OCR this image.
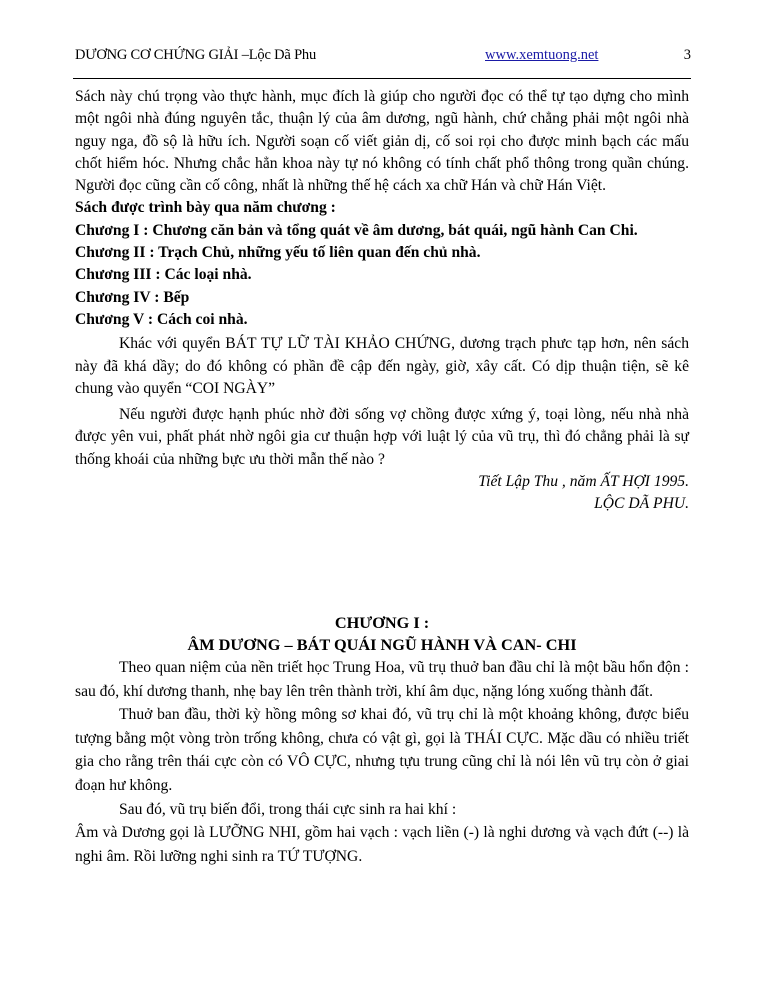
DƯƠNG CƠ CHỨNG GIẢI –Lộc Dã Phu	www.xemtuong.net	3

Sách này chú trọng vào thực hành, mục đích là giúp cho người đọc có thể tự tạo dựng cho mình một ngôi nhà đúng nguyên tắc, thuận lý của âm dương, ngũ hành, chứ chẳng phải một ngôi nhà nguy nga, đồ sộ là hữu ích. Người soạn cố viết giản dị, cố soi rọi cho được minh bạch các mấu chốt hiểm hóc. Nhưng chắc hẳn khoa này tự nó không có tính chất phổ thông trong quần chúng. Người đọc cũng cần cố công, nhất là những thế hệ cách xa chữ Hán và chữ Hán Việt.

Sách được trình bày qua năm chương :

Chương I : Chương căn bản và tổng quát về âm dương, bát quái, ngũ hành Can Chi.

Chương II : Trạch Chủ, những yếu tố liên quan đến chủ nhà.

Chương III : Các loại nhà.

Chương IV : Bếp

Chương V : Cách coi nhà.

Khác với quyển BÁT TỰ LỮ TÀI KHẢO CHỨNG, dương trạch phưc tạp hơn, nên sách này đã khá dầy; do đó không có phần đề cập đến ngày, giờ, xây cất. Có dịp thuận tiện, sẽ kê chung vào quyển “COI NGÀY”

Nếu người được hạnh phúc nhờ đời sống vợ chồng được xứng ý, toại lòng, nếu nhà nhà được yên vui, phất phát nhờ ngôi gia cư thuận hợp với luật lý của vũ trụ, thì đó chẳng phải là sự thống khoái của những bực ưu thời mẫn thế nào ?

Tiết Lập Thu , năm ẤT HỢI 1995.

LỘC DÃ PHU.

CHƯƠNG I :
ÂM DƯƠNG – BÁT QUÁI NGŨ HÀNH VÀ CAN- CHI

Theo quan niệm của nền triết học Trung Hoa, vũ trụ thuở ban đầu chỉ là một bầu hổn độn : sau đó, khí dương thanh, nhẹ bay lên trên thành trời, khí âm dục, nặng lóng xuống thành đất.

Thuở ban đầu, thời kỳ hồng mông sơ khai đó, vũ trụ chỉ là một khoảng không, được biểu tượng bằng một vòng tròn trống không, chưa có vật gì, gọi là THÁI CỰC. Mặc dầu có nhiều triết gia cho rằng trên thái cực còn có VÔ CỰC, nhưng tựu trung cũng chỉ là nói lên vũ trụ còn ở giai đoạn hư không.

Sau đó, vũ trụ biến đổi, trong thái cực sinh ra hai khí :

Âm và Dương gọi là LƯỠNG NHI, gồm hai vạch : vạch liền (-) là nghi dương và vạch đứt (--) là nghi âm. Rồi lưỡng nghi sinh ra TỨ TƯỢNG.
